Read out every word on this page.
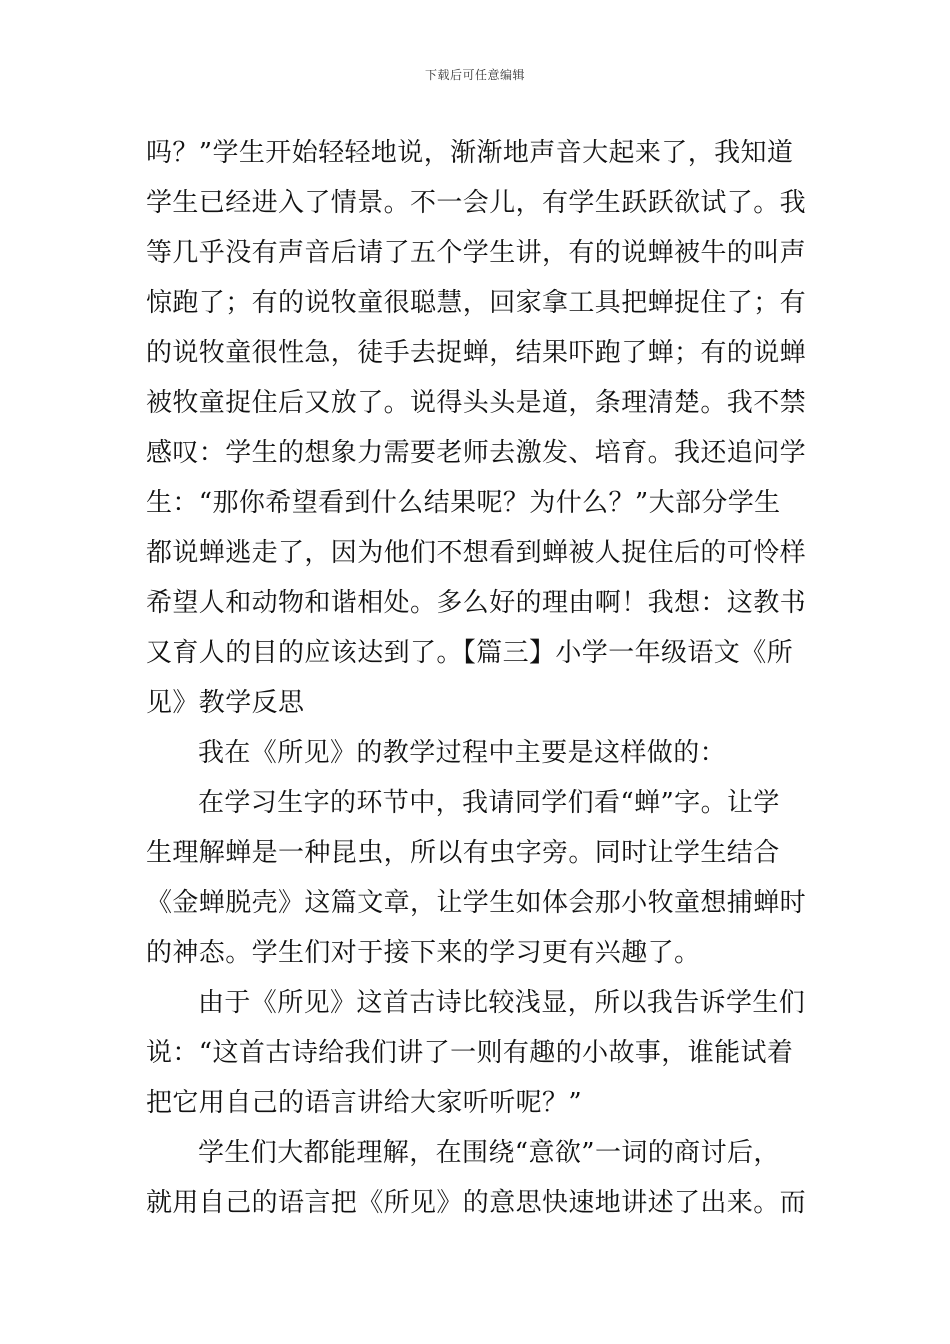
下载后可任意编辑
吗？”学生开始轻轻地说，渐渐地声音大起来了，我知道
学生已经进入了情景。不一会儿，有学生跃跃欲试了。我
等几乎没有声音后请了五个学生讲，有的说蝉被牛的叫声
惊跑了；有的说牧童很聪慧，回家拿工具把蝉捉住了；有
的说牧童很性急，徒手去捉蝉，结果吓跑了蝉；有的说蝉
被牧童捉住后又放了。说得头头是道，条理清楚。我不禁
感叹：学生的想象力需要老师去激发、培育。我还追问学
生：“那你希望看到什么结果呢？为什么？”大部分学生
都说蝉逃走了，因为他们不想看到蝉被人捉住后的可怜样
希望人和动物和谐相处。多么好的理由啊！我想：这教书
又育人的目的应该达到了。【篇三】小学一年级语文《所
见》教学反思
我在《所见》的教学过程中主要是这样做的：
在学习生字的环节中，我请同学们看“蝉”字。让学
生理解蝉是一种昆虫，所以有虫字旁。同时让学生结合
《金蝉脱壳》这篇文章，让学生如体会那小牧童想捕蝉时
的神态。学生们对于接下来的学习更有兴趣了。
由于《所见》这首古诗比较浅显，所以我告诉学生们
说：“这首古诗给我们讲了一则有趣的小故事，谁能试着
把它用自己的语言讲给大家听听呢？”
学生们大都能理解，在围绕“意欲”一词的商讨后，
就用自己的语言把《所见》的意思快速地讲述了出来。而
